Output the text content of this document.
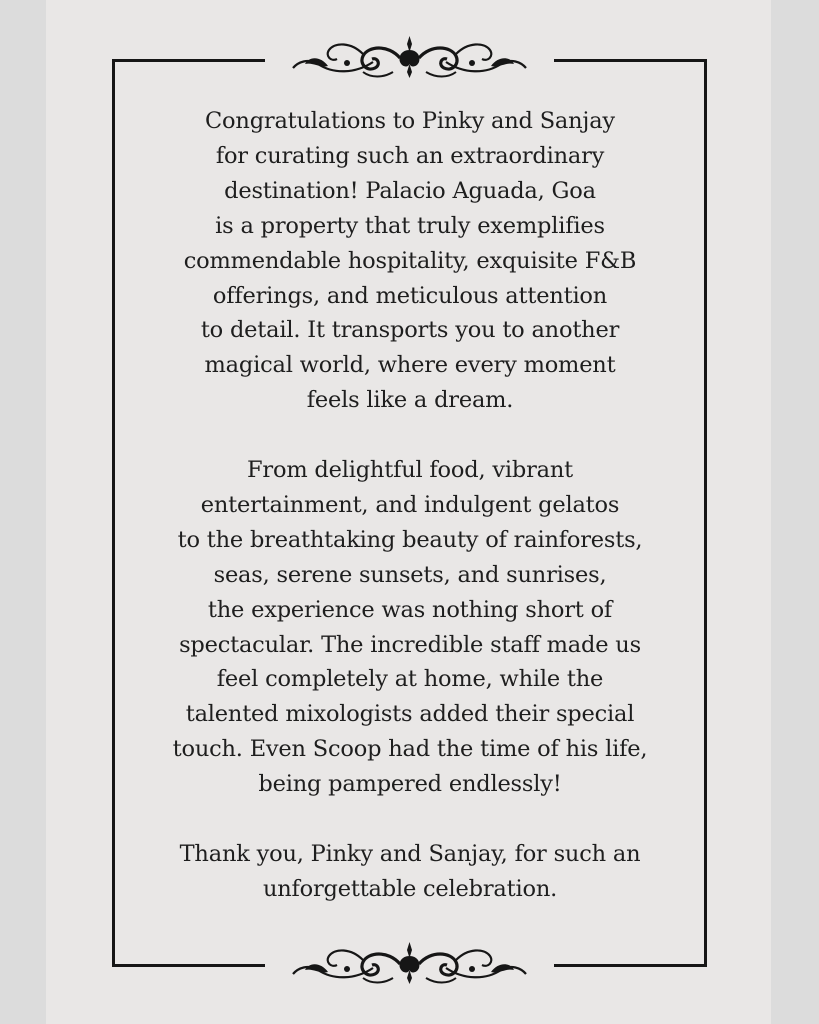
Congratulations to Pinky and Sanjay
for curating such an extraordinary
destination! Palacio Aguada, Goa
is a property that truly exemplifies
commendable hospitality, exquisite F&B
offerings, and meticulous attention
to detail. It transports you to another
magical world, where every moment
feels like a dream.
From delightful food, vibrant
entertainment, and indulgent gelatos
to the breathtaking beauty of rainforests,
seas, serene sunsets, and sunrises,
the experience was nothing short of
spectacular. The incredible staff made us
feel completely at home, while the
talented mixologists added their special
touch. Even Scoop had the time of his life,
being pampered endlessly!
Thank you, Pinky and Sanjay, for such an
unforgettable celebration.
